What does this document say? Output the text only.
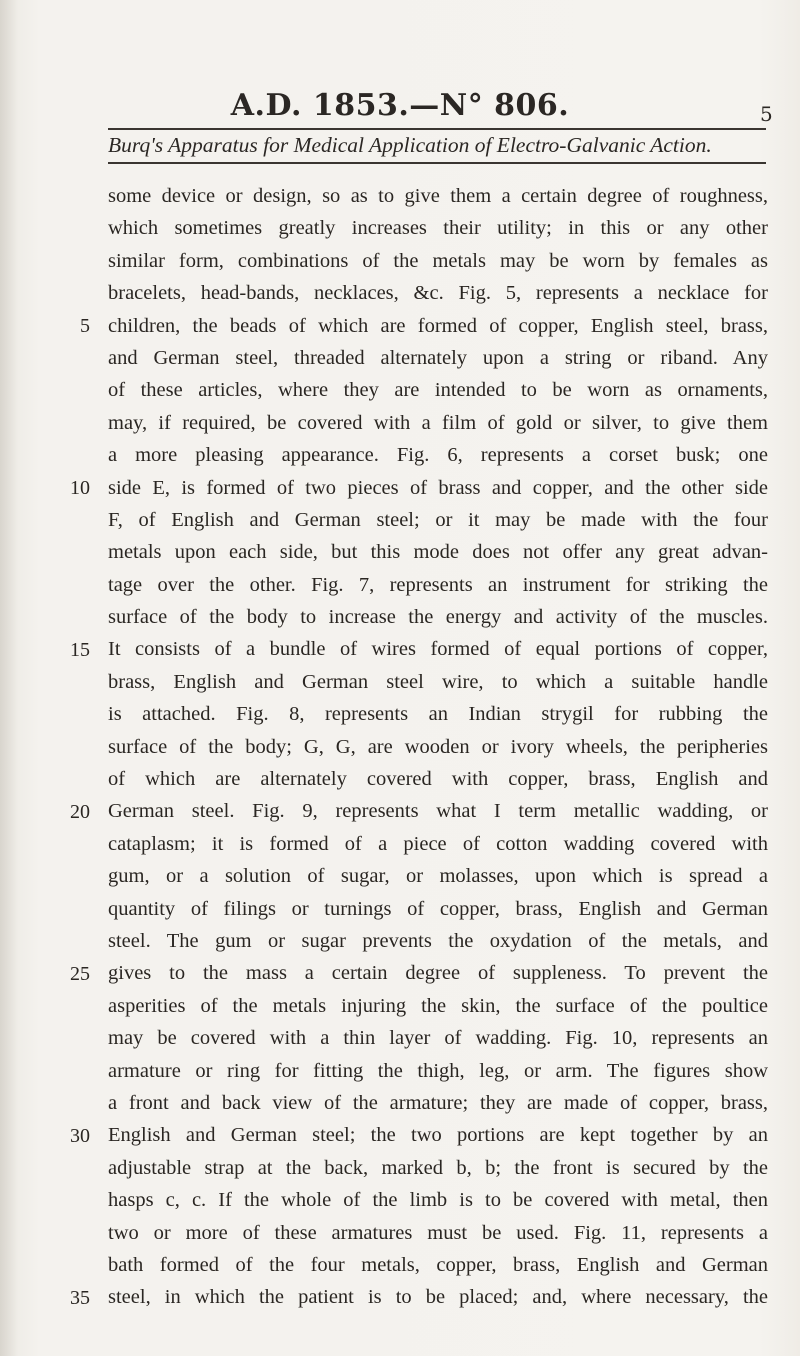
A.D. 1853.—N° 806.	5
Burq's Apparatus for Medical Application of Electro-Galvanic Action.
5
10
15
20
25
30
35
some device or design, so as to give them a certain degree of roughness,
which sometimes greatly increases their utility; in this or any other
similar form, combinations of the metals may be worn by females as
bracelets, head-bands, necklaces, &c. Fig. 5, represents a necklace for
children, the beads of which are formed of copper, English steel, brass,
and German steel, threaded alternately upon a string or riband. Any
of these articles, where they are intended to be worn as ornaments,
may, if required, be covered with a film of gold or silver, to give them
a more pleasing appearance. Fig. 6, represents a corset busk; one
side E, is formed of two pieces of brass and copper, and the other side
F, of English and German steel; or it may be made with the four
metals upon each side, but this mode does not offer any great advan-
tage over the other. Fig. 7, represents an instrument for striking the
surface of the body to increase the energy and activity of the muscles.
It consists of a bundle of wires formed of equal portions of copper,
brass, English and German steel wire, to which a suitable handle
is attached. Fig. 8, represents an Indian strygil for rubbing the
surface of the body; G, G, are wooden or ivory wheels, the peripheries
of which are alternately covered with copper, brass, English and
German steel. Fig. 9, represents what I term metallic wadding, or
cataplasm; it is formed of a piece of cotton wadding covered with
gum, or a solution of sugar, or molasses, upon which is spread a
quantity of filings or turnings of copper, brass, English and German
steel. The gum or sugar prevents the oxydation of the metals, and
gives to the mass a certain degree of suppleness. To prevent the
asperities of the metals injuring the skin, the surface of the poultice
may be covered with a thin layer of wadding. Fig. 10, represents an
armature or ring for fitting the thigh, leg, or arm. The figures show
a front and back view of the armature; they are made of copper, brass,
English and German steel; the two portions are kept together by an
adjustable strap at the back, marked b, b; the front is secured by the
hasps c, c. If the whole of the limb is to be covered with metal, then
two or more of these armatures must be used. Fig. 11, represents a
bath formed of the four metals, copper, brass, English and German
steel, in which the patient is to be placed; and, where necessary, the
